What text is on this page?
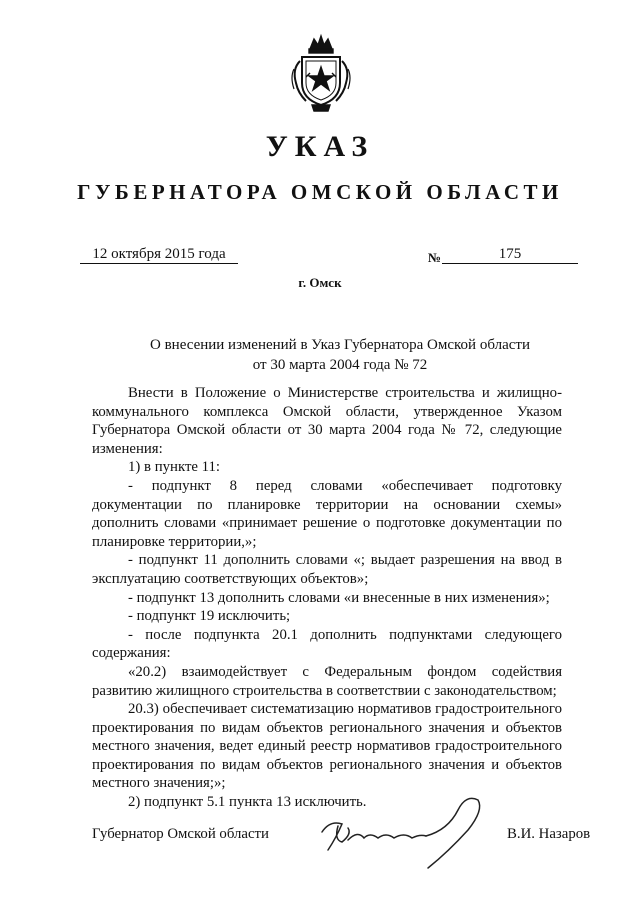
УКАЗ
ГУБЕРНАТОРА ОМСКОЙ ОБЛАСТИ
12 октября 2015 года	№	175
г. Омск
О внесении изменений в Указ Губернатора Омской области
от 30 марта 2004 года № 72

Внести в Положение о Министерстве строительства и жилищно-

коммунального комплекса Омской области, утвержденное Указом

Губернатора Омской области от 30 марта 2004 года № 72, следующие

изменения:

1) в пункте 11:

- подпункт 8 перед словами «обеспечивает подготовку документации по планировке территории на основании схемы» дополнить словами «принимает решение о подготовке документации по планировке территории,»;

- подпункт 11 дополнить словами «; выдает разрешения на ввод в эксплуатацию соответствующих объектов»;

- подпункт 13 дополнить словами «и внесенные в них изменения»;

- подпункт 19 исключить;

- после подпункта 20.1 дополнить подпунктами следующего содержания:

«20.2) взаимодействует с Федеральным фондом содействия развитию жилищного строительства в соответствии с законодательством;

20.3) обеспечивает систематизацию нормативов градостроительного проектирования по видам объектов регионального значения и объектов местного значения, ведет единый реестр нормативов градостроительного проектирования по видам объектов регионального значения и объектов местного значения;»;

2) подпункт 5.1 пункта 13 исключить.

Губернатор Омской области	В.И. Назаров
